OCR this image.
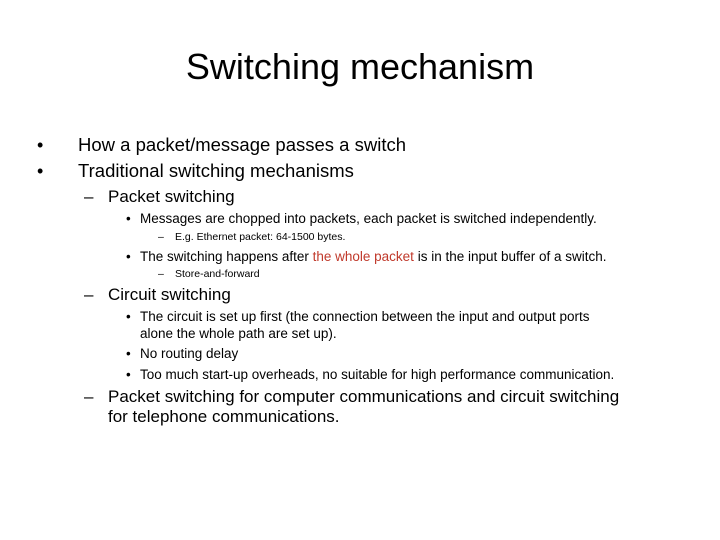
Switching mechanism
•	How a packet/message passes a switch
•	Traditional switching mechanisms
– Packet switching
• Messages are chopped into packets, each packet is switched independently.
–	E.g. Ethernet packet: 64-1500 bytes.
• The switching happens after the whole packet is in the input buffer of a switch.
–	Store-and-forward
– Circuit switching
• The circuit is set up first (the connection between the input and output ports
alone the whole path are set up).
• No routing delay
• Too much start-up overheads, no suitable for high performance communication.
– Packet switching for computer communications and circuit switching
for telephone communications.
